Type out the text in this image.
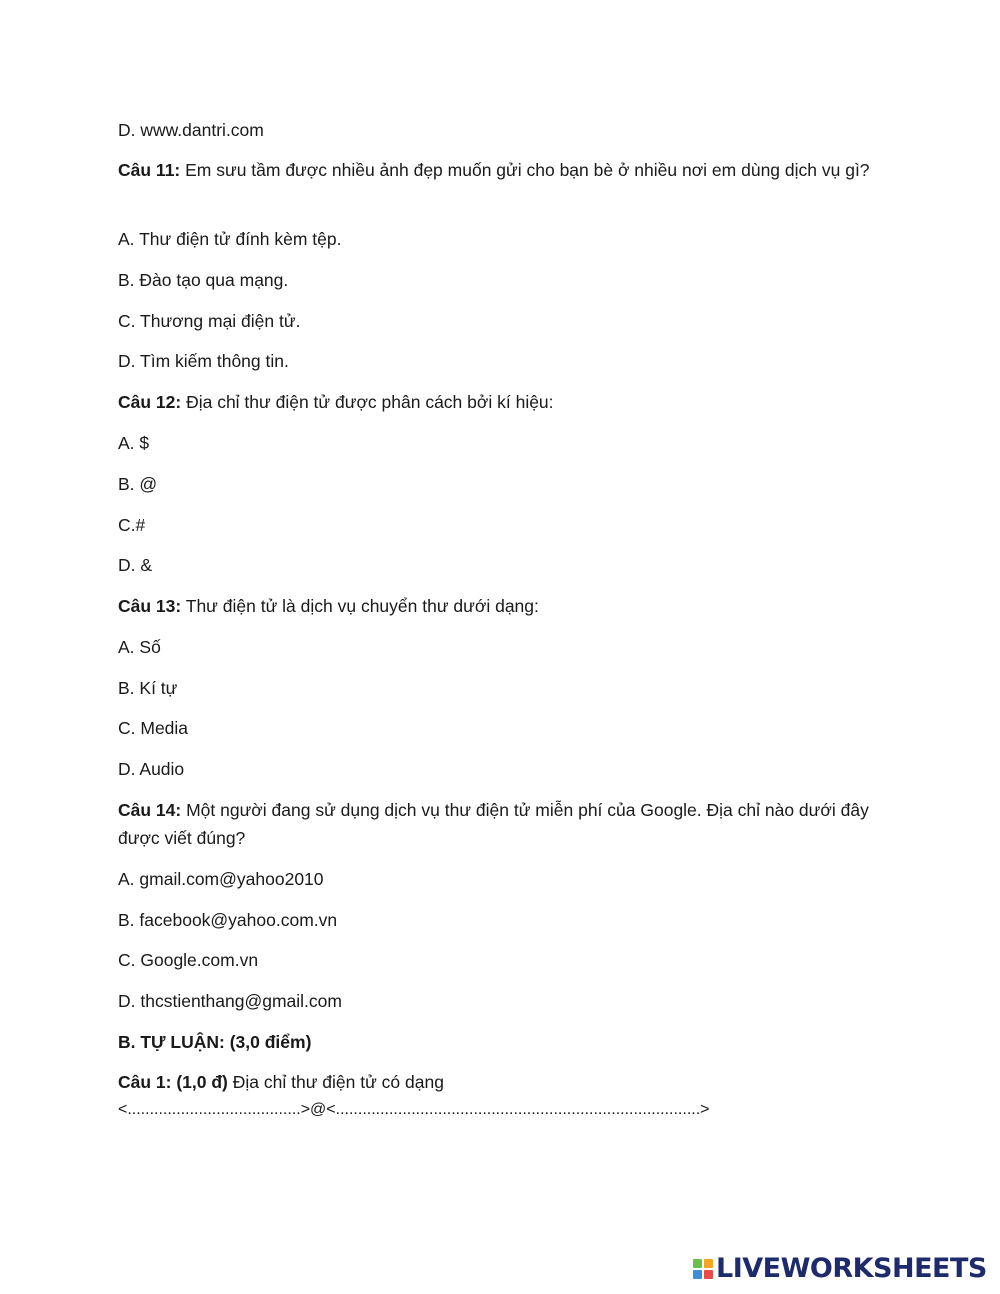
D. www.dantri.com
Câu 11: Em sưu tầm được nhiều ảnh đẹp muốn gửi cho bạn bè ở nhiều nơi em dùng dịch vụ gì?
A. Thư điện tử đính kèm tệp.
B. Đào tạo qua mạng.
C. Thương mại điện tử.
D. Tìm kiếm thông tin.
Câu 12: Địa chỉ thư điện tử được phân cách bởi kí hiệu:
A. $
B. @
C.#
D. &
Câu 13: Thư điện tử là dịch vụ chuyển thư dưới dạng:
A. Số
B. Kí tự
C. Media
D. Audio
Câu 14: Một người đang sử dụng dịch vụ thư điện tử miễn phí của Google. Địa chỉ nào dưới đây được viết đúng?
A. gmail.com@yahoo2010
B. facebook@yahoo.com.vn
C. Google.com.vn
D. thcstienthang@gmail.com
B. TỰ LUẬN: (3,0 điểm)
Câu 1: (1,0 đ) Địa chỉ thư điện tử có dạng
<.......................................>@<..................................................................................>
LIVEWORKSHEETS
